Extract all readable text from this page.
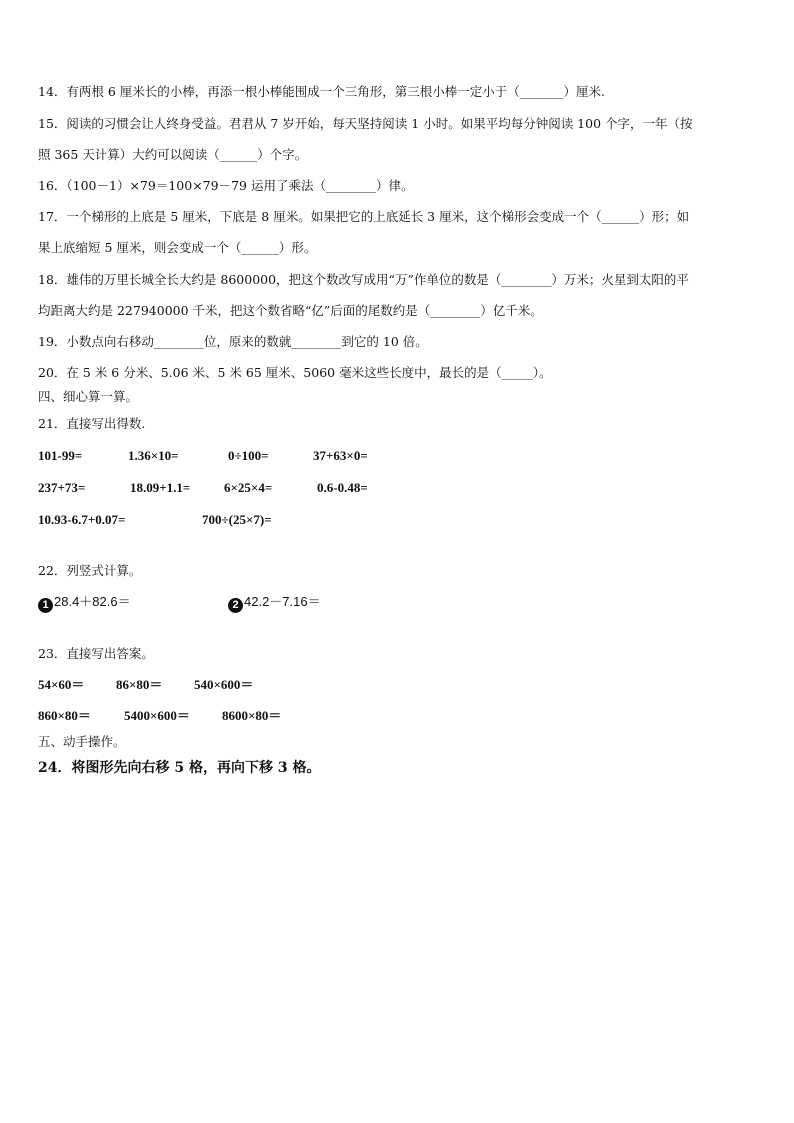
14．有两根 6 厘米长的小棒，再添一根小棒能围成一个三角形，第三根小棒一定小于（_______）厘米.
15．阅读的习惯会让人终身受益。君君从 7 岁开始，每天坚持阅读 1 小时。如果平均每分钟阅读 100 个字，一年（按
照 365 天计算）大约可以阅读（______）个字。
16．（100－1）×79＝100×79－79 运用了乘法（________）律。
17．一个梯形的上底是 5 厘米，下底是 8 厘米。如果把它的上底延长 3 厘米，这个梯形会变成一个（______）形；如
果上底缩短 5 厘米，则会变成一个（______）形。
18．雄伟的万里长城全长大约是 8600000，把这个数改写成用“万”作单位的数是（________）万米；火星到太阳的平
均距离大约是 227940000 千米，把这个数省略“亿”后面的尾数约是（________）亿千米。
19．小数点向右移动________位，原来的数就________到它的 10 倍。
20．在 5 米 6 分米、5.06 米、5 米 65 厘米、5060 毫米这些长度中，最长的是（_____）。
四、细心算一算。
21．直接写出得数.
101-99=	1.36×10=	0÷100=	37+63×0=
237+73=	18.09+1.1=	6×25×4=	0.6-0.48=
10.93-6.7+0.07=	700÷(25×7)=
22．列竖式计算。
1 28.4＋82.6＝	2 42.2－7.16＝
23．直接写出答案。
54×60＝ 86×80＝ 540×600＝
860×80＝	5400×600＝ 8600×80＝
五、动手操作。
24．将图形先向右移 5 格，再向下移 3 格。
